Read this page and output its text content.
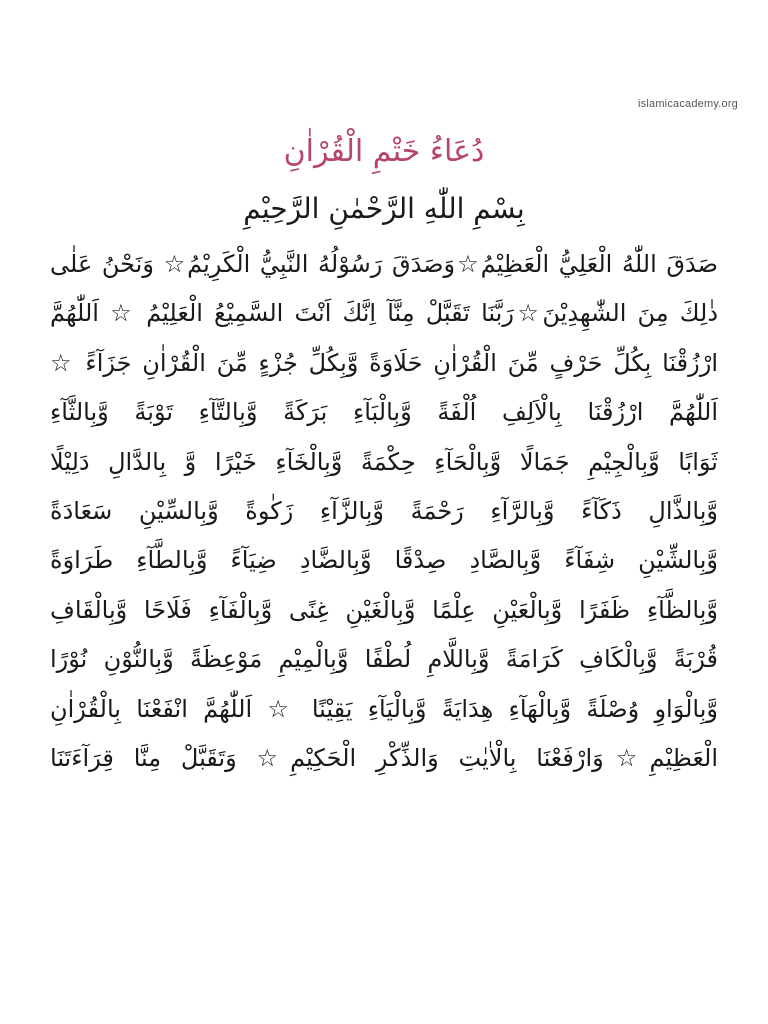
islamicacademy.org
دُعَاءُ خَتْمِ الْقُرْاٰنِ
بِسْمِ اللّٰهِ الرَّحْمٰنِ الرَّحِيْمِ
صَدَقَ اللّٰهُ الْعَلِيُّ الْعَظِيْمُ☆وَصَدَقَ رَسُوْلُهُ النَّبِيُّ الْكَرِيْمُ☆ وَنَحْنُ عَلٰى
ذٰلِكَ مِنَ الشّٰهِدِيْنَ☆رَبَّنَا تَقَبَّلْ مِنَّآ اِنَّكَ اَنْتَ السَّمِيْعُ الْعَلِيْمُ ☆ اَللّٰهُمَّ
ارْزُقْنَا بِكُلِّ حَرْفٍ مِّنَ الْقُرْاٰنِ حَلَاوَةً وَّبِكُلِّ جُزْءٍ مِّنَ الْقُرْاٰنِ جَزَآءً ☆
اَللّٰهُمَّ ارْزُقْنَا بِالْاَلِفِ اُلْفَةً وَّبِالْبَآءِ بَرَكَةً وَّبِالتَّآءِ تَوْبَةً وَّبِالثَّآءِ
ثَوَابًا وَّبِالْجِيْمِ جَمَالًا وَّبِالْحَآءِ حِكْمَةً وَّبِالْخَآءِ خَيْرًا وَّ بِالدَّالِ دَلِيْلًا
وَّبِالذَّالِ ذَكَآءً وَّبِالرَّآءِ رَحْمَةً وَّبِالزَّآءِ زَكٰوةً وَّبِالسِّيْنِ سَعَادَةً
وَّبِالشِّيْنِ شِفَآءً وَّبِالصَّادِ صِدْقًا وَّبِالضَّادِ ضِيَآءً وَّبِالطَّآءِ طَرَاوَةً
وَّبِالظَّآءِ ظَفَرًا وَّبِالْعَيْنِ عِلْمًا وَّبِالْغَيْنِ غِنًى وَّبِالْفَآءِ فَلَاحًا وَّبِالْقَافِ
قُرْبَةً وَّبِالْكَافِ كَرَامَةً وَّبِاللَّامِ لُطْفًا وَّبِالْمِيْمِ مَوْعِظَةً وَّبِالنُّوْنِ نُوْرًا
وَّبِالْوَاوِ وُصْلَةً وَّبِالْهَآءِ هِدَايَةً وَّبِالْيَآءِ يَقِيْنًا ☆ اَللّٰهُمَّ انْفَعْنَا بِالْقُرْاٰنِ
الْعَظِيْمِ☆وَارْفَعْنَا بِالْاٰيٰتِ وَالذِّكْرِ الْحَكِيْمِ☆ وَتَقَبَّلْ مِنَّا قِرَآءَتَنَا
